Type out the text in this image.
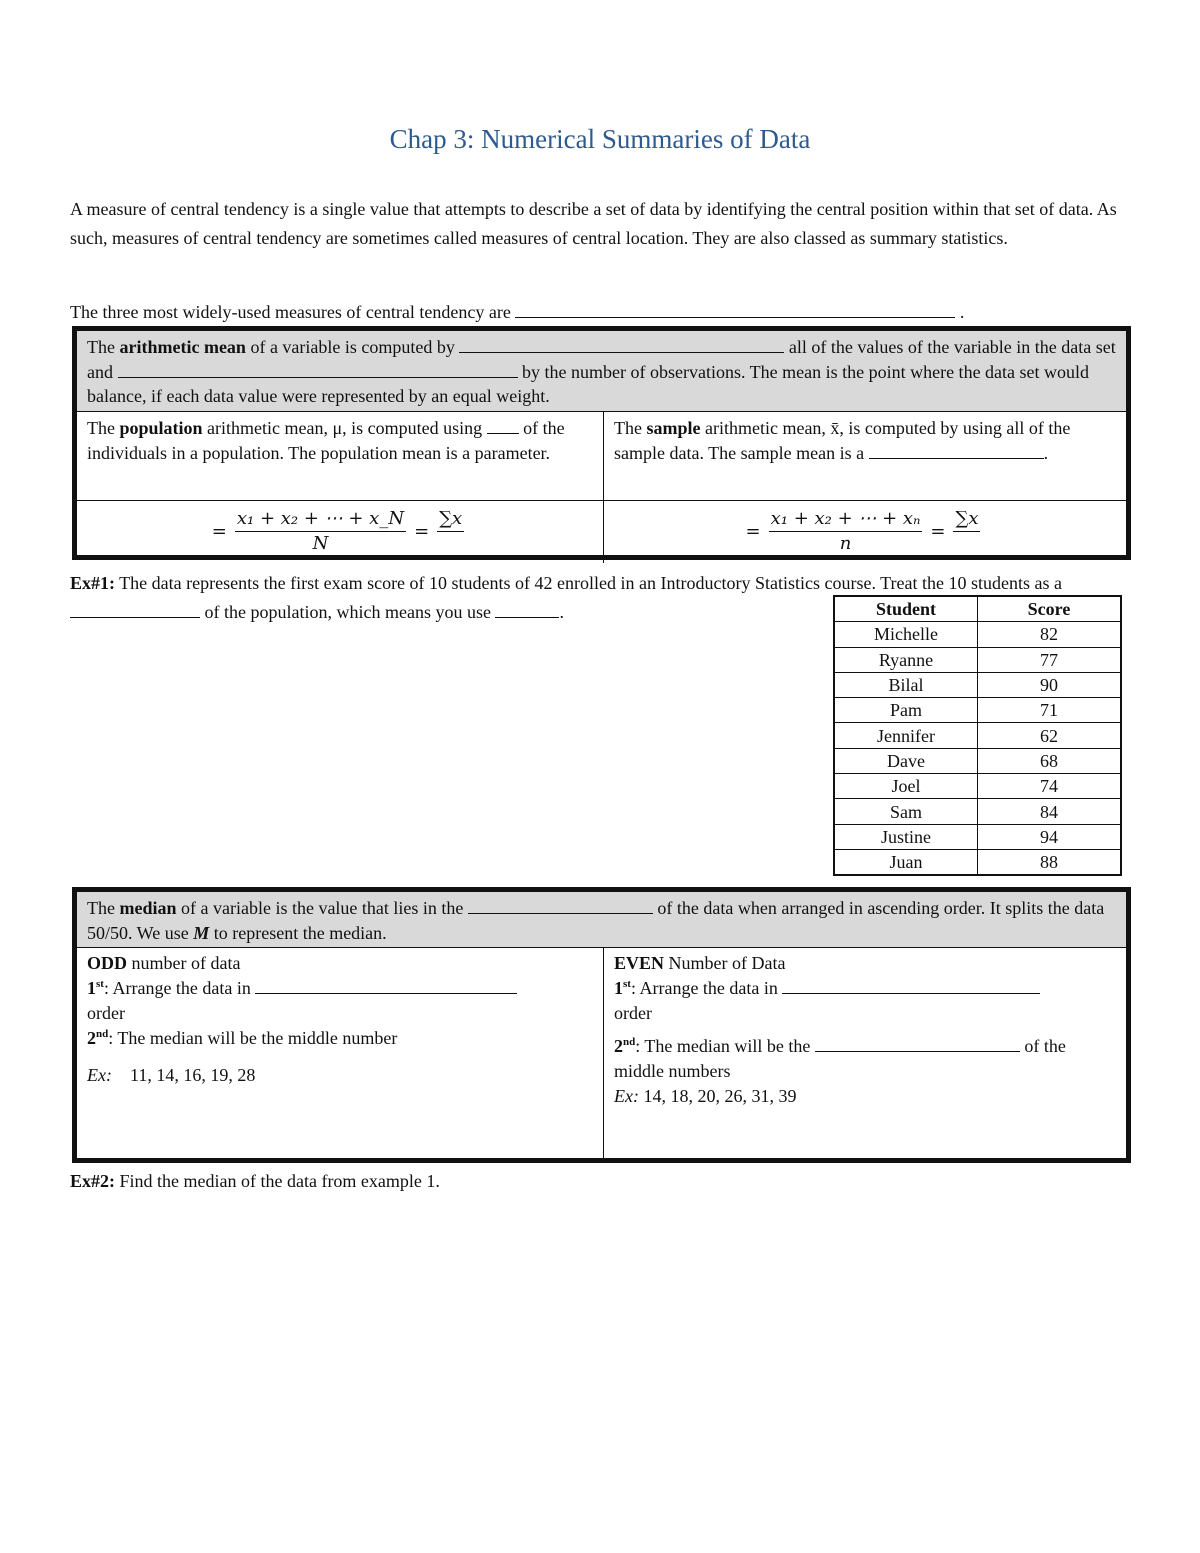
Chap 3: Numerical Summaries of Data
A measure of central tendency is a single value that attempts to describe a set of data by identifying the central position within that set of data. As such, measures of central tendency are sometimes called measures of central location. They are also classed as summary statistics.
The three most widely-used measures of central tendency are	.
The arithmetic mean of a variable is computed by	all of the values of the variable in the data set and	by the number of observations. The mean is the point where the data set would balance, if each data value were represented by an equal weight.
The population arithmetic mean, μ, is computed using  of the individuals in a population. The population mean is a parameter.
The sample arithmetic mean, x̄, is computed by using all of the sample data. The sample mean is a	.
= $\frac{\text{x₁ + x₂ + ⋯ + x\_N}}{N}$ =
∑x

= $\frac{\text{x₁ + x₂ + ⋯ + xₙ}}{n}$ =
∑x

Ex#1: The data represents the first exam score of 10 students of 42 enrolled in an Introductory Statistics course. Treat the 10 students as a  of the population, which means you use	.	Student	Score
Michelle	82
Ryanne	77
Bilal	90
Pam	71
Jennifer	62
Dave	68
Joel	74
Sam	84
Justine	94
Juan	88
The median of a variable is the value that lies in the	of the data when arranged in ascending order. It splits the data 50/50. We use M to represent the median.
ODD number of data
1st: Arrange the data in
order
2nd: The median will be the middle number
Ex: 11, 14, 16, 19, 28
EVEN Number of Data
1st: Arrange the data in
order
2nd: The median will be the	of the middle numbers
Ex: 14, 18, 20, 26, 31, 39
Ex#2: Find the median of the data from example 1.
